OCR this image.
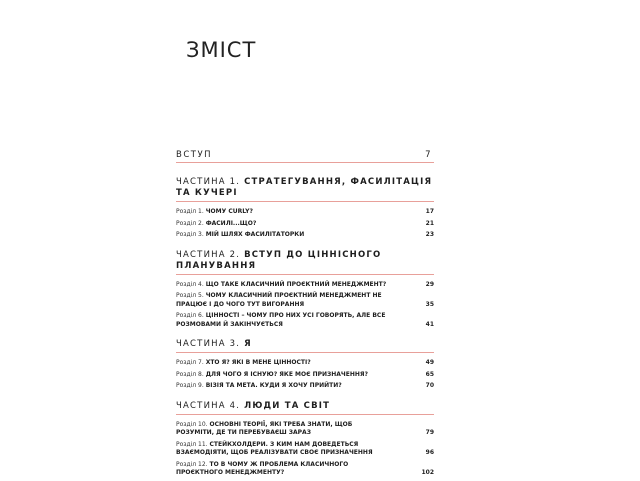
ЗМІСТ
ВСТУП	7
ЧАСТИНА 1. СТРАТЕГУВАННЯ, ФАСИЛІТАЦІЯ ТА КУЧЕРІ
Розділ 1. ЧОМУ CURLY?	17
Розділ 2. ФАСИЛІ...ЩО?	21
Розділ 3. МІЙ ШЛЯХ ФАСИЛІТАТОРКИ	23
ЧАСТИНА 2. ВСТУП ДО ЦІННІСНОГО ПЛАНУВАННЯ
Розділ 4. ЩО ТАКЕ КЛАСИЧНИЙ ПРОЄКТНИЙ МЕНЕДЖМЕНТ?	29
Розділ 5. ЧОМУ КЛАСИЧНИЙ ПРОЄКТНИЙ МЕНЕДЖМЕНТ НЕ ПРАЦЮЄ І ДО ЧОГО ТУТ ВИГОРАННЯ	35
Розділ 6. ЦІННОСТІ – ЧОМУ ПРО НИХ УСІ ГОВОРЯТЬ, АЛЕ ВСЕ РОЗМОВАМИ Й ЗАКІНЧУЄТЬСЯ	41
ЧАСТИНА 3. Я
Розділ 7. ХТО Я? ЯКІ В МЕНЕ ЦІННОСТІ?	49
Розділ 8. ДЛЯ ЧОГО Я ІСНУЮ? ЯКЕ МОЄ ПРИЗНАЧЕННЯ?	65
Розділ 9. ВІЗІЯ ТА МЕТА. КУДИ Я ХОЧУ ПРИЙТИ?	70
ЧАСТИНА 4. ЛЮДИ ТА СВІТ
Розділ 10. ОСНОВНІ ТЕОРІЇ, ЯКІ ТРЕБА ЗНАТИ, ЩОБ РОЗУМІТИ, ДЕ ТИ ПЕРЕБУВАЄШ ЗАРАЗ	79
Розділ 11. СТЕЙКХОЛДЕРИ. З КИМ НАМ ДОВЕДЕТЬСЯ ВЗАЄМОДІЯТИ, ЩОБ РЕАЛІЗУВАТИ СВОЄ ПРИЗНАЧЕННЯ	96
Розділ 12. ТО В ЧОМУ Ж ПРОБЛЕМА КЛАСИЧНОГО ПРОЄКТНОГО МЕНЕДЖМЕНТУ?	102
